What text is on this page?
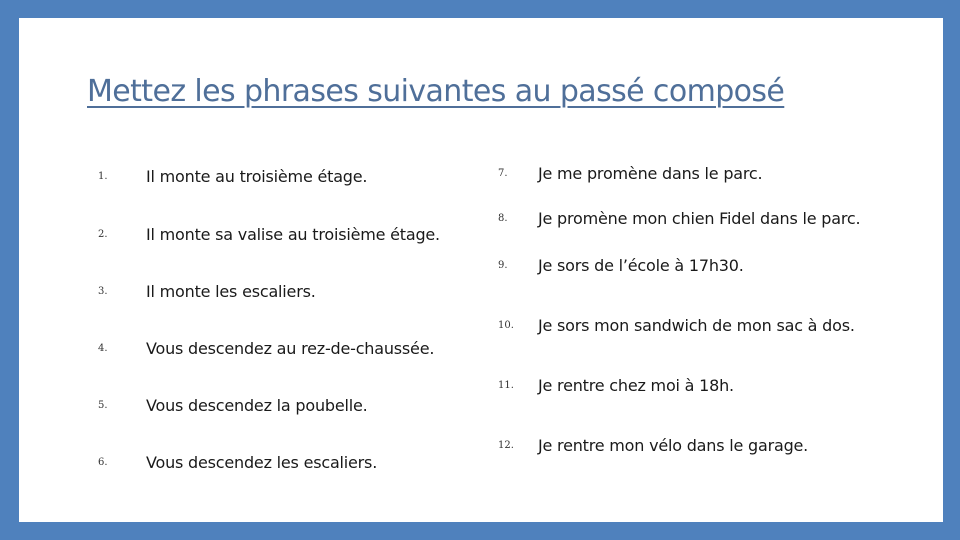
Mettez les phrases suivantes au passé composé
1. Il monte au troisième étage.
2. Il monte sa valise au troisième étage.
3. Il monte les escaliers.
4. Vous descendez au rez-de-chaussée.
5. Vous descendez la poubelle.
6. Vous descendez les escaliers.
7. Je me promène dans le parc.
8. Je promène mon chien Fidel dans le parc.
9. Je sors de l’école à 17h30.
10. Je sors mon sandwich de mon sac à dos.
11. Je rentre chez moi à 18h.
12. Je rentre mon vélo dans le garage.
